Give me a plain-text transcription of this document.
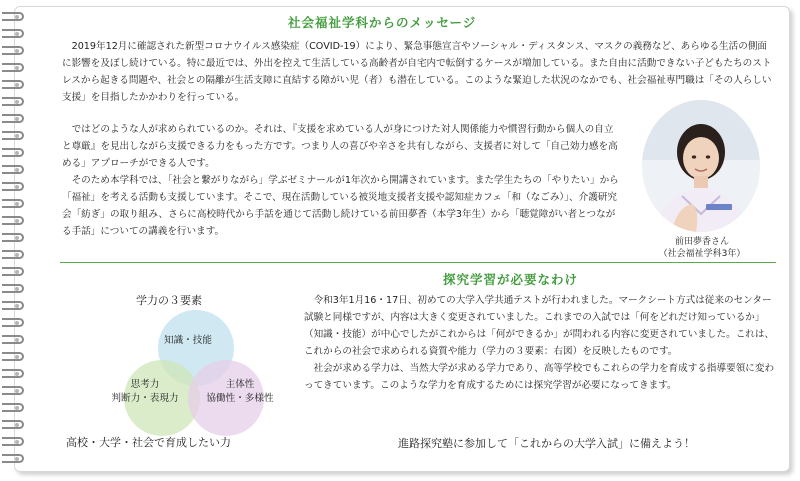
社会福祉学科からのメッセージ

2019年12月に確認された新型コロナウイルス感染症（COVID-19）により、緊急事態宣言やソーシャル・ディスタンス、マスクの義務など、あらゆる生活の側面に影響を及ぼし続けている。特に最近では、外出を控えて生活している高齢者が自宅内で転倒するケースが増加している。また自由に活動できない子どもたちのストレスから起きる問題や、社会との隔離が生活支障に直結する障がい児（者）も潜在している。このような緊迫した状況のなかでも、社会福祉専門職は「その人らしい支援」を目指したかかわりを行っている。

ではどのような人が求められているのか。それは、『支援を求めている人が身につけた対人関係能力や慣習行動から個人の自立と尊厳』を見出しながら支援できる力をもった方です。つまり人の喜びや辛さを共有しながら、支援者に対して「自己効力感を高める」アプローチができる人です。

そのため本学科では、「社会と繋がりながら」学ぶゼミナールが1年次から開講されています。また学生たちの「やりたい」から「福祉」を考える活動も支援しています。そこで、現在活動している被災地支援者支援や認知症カフェ「和（なごみ）」、介護研究会「紡ぎ」の取り組み、さらに高校時代から手話を通じて活動し続けている前田夢香（本学3年生）から「聴覚障がい者とつながる手話」についての講義を行います。

前田夢香さん
（社会福祉学科3年）
学力の３要素
知識・技能
思考力
判断力・表現力
主体性
協働性・多様性
高校・大学・社会で育成したい力
探究学習が必要なわけ

令和3年1月16・17日、初めての大学入学共通テストが行われました。マークシート方式は従来のセンター試験と同様ですが、内容は大きく変更されていました。これまでの入試では「何をどれだけ知っているか」（知識・技能）が中心でしたがこれからは「何ができるか」が問われる内容に変更されていました。これは、これからの社会で求められる資質や能力（学力の３要素：右図）を反映したものです。

社会が求める学力は、当然大学が求める学力であり、高等学校でもこれらの学力を育成する指導要領に変わってきています。このような学力を育成するためには探究学習が必要になってきます。

進路探究塾に参加して「これからの大学入試」に備えよう！
